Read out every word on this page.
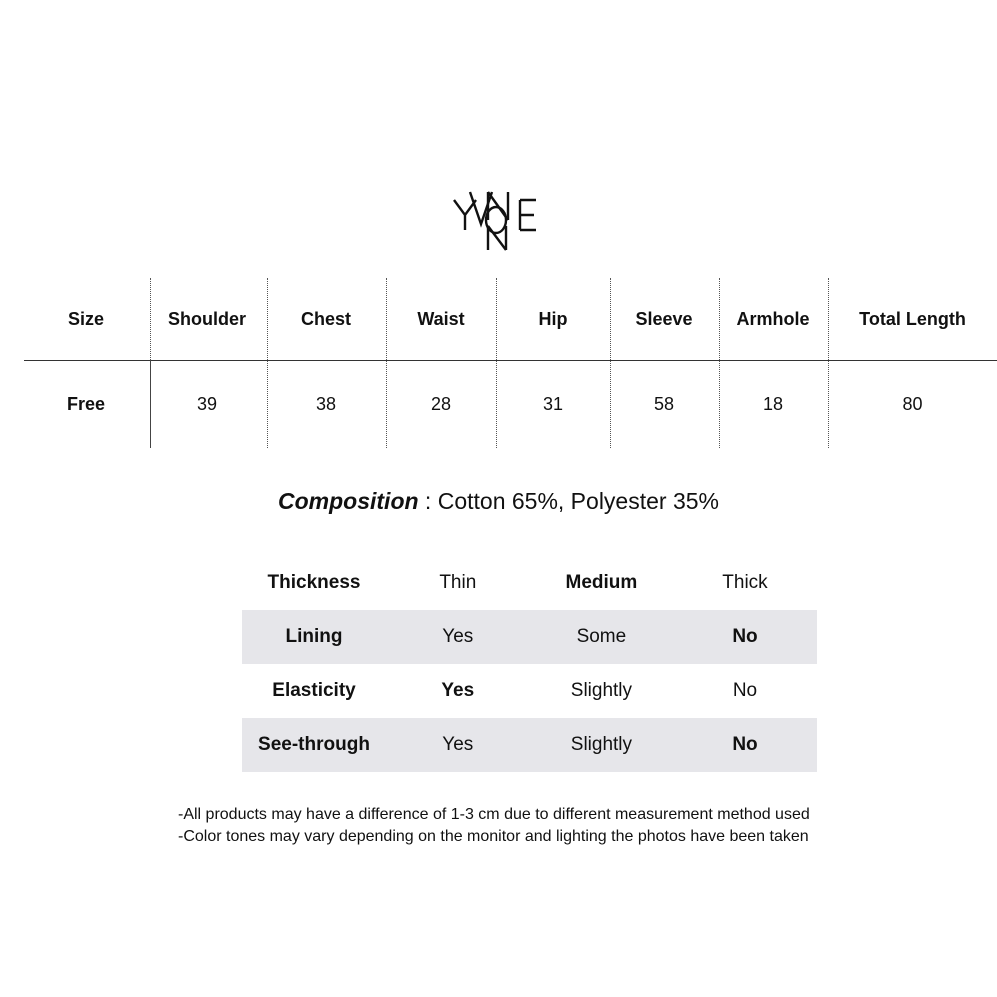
Size	Shoulder	Chest	Waist	Hip	Sleeve	Armhole	Total Length
Free	39	38	28	31	58	18	80
Composition : Cotton 65%, Polyester 35%
Thickness	Thin	Medium	Thick
Lining	Yes	Some	No
Elasticity	Yes	Slightly	No
See-through	Yes	Slightly	No
-All products may have a difference of 1-3 cm due to different measurement method used
-Color tones may vary depending on the monitor and lighting the photos have been taken
